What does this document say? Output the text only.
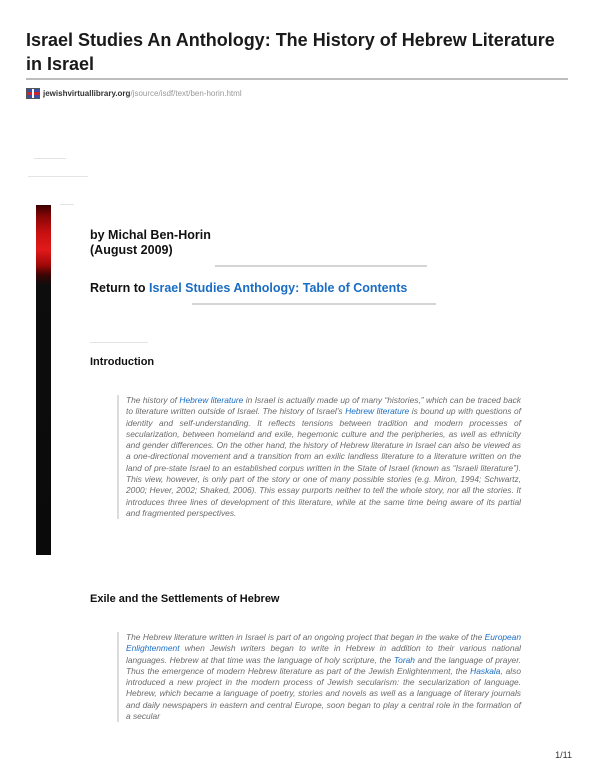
Israel Studies An Anthology: The History of Hebrew Literature in Israel
jewishvirtuallibrary.org/jsource/isdf/text/ben-horin.html
by Michal Ben-Horin
(August 2009)
Return to Israel Studies Anthology: Table of Contents
Introduction
The history of Hebrew literature in Israel is actually made up of many “histories,” which can be traced back to literature written outside of Israel. The history of Israel’s Hebrew literature is bound up with questions of identity and self-understanding. It reflects tensions between tradition and modern processes of secularization, between homeland and exile, hegemonic culture and the peripheries, as well as ethnicity and gender differences. On the other hand, the history of Hebrew literature in Israel can also be viewed as a one-directional movement and a transition from an exilic landless literature to a literature written on the land of pre-state Israel to an established corpus written in the State of Israel (known as “Israeli literature”). This view, however, is only part of the story or one of many possible stories (e.g. Miron, 1994; Schwartz, 2000; Hever, 2002; Shaked, 2006). This essay purports neither to tell the whole story, nor all the stories. It introduces three lines of development of this literature, while at the same time being aware of its partial and fragmented perspectives.
Exile and the Settlements of Hebrew
The Hebrew literature written in Israel is part of an ongoing project that began in the wake of the European Enlightenment when Jewish writers began to write in Hebrew in addition to their various national languages. Hebrew at that time was the language of holy scripture, the Torah and the language of prayer. Thus the emergence of modern Hebrew literature as part of the Jewish Enlightenment, the Haskala, also introduced a new project in the modern process of Jewish secularism: the secularization of language. Hebrew, which became a language of poetry, stories and novels as well as a language of literary journals and daily newspapers in eastern and central Europe, soon began to play a central role in the formation of a secular
1/11
